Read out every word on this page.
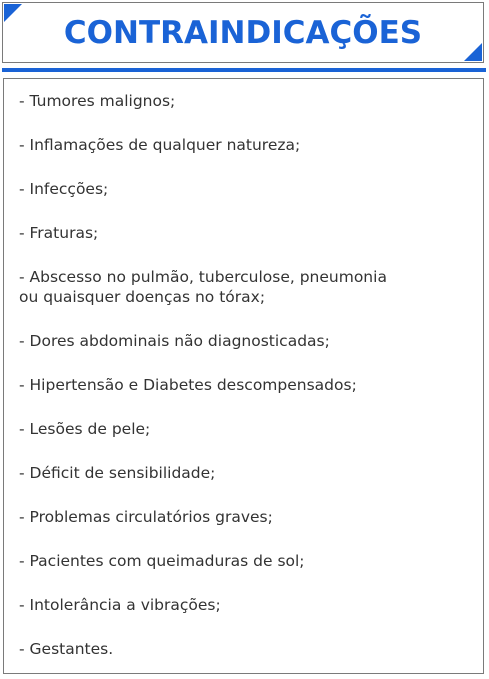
CONTRAINDICAÇÕES
- Tumores malignos;
- Inflamações de qualquer natureza;
- Infecções;
- Fraturas;
- Abscesso no pulmão, tuberculose, pneumonia
ou quaisquer doenças no tórax;
- Dores abdominais não diagnosticadas;
- Hipertensão e Diabetes descompensados;
- Lesões de pele;
- Déficit de sensibilidade;
- Problemas circulatórios graves;
- Pacientes com queimaduras de sol;
- Intolerância a vibrações;
- Gestantes.
